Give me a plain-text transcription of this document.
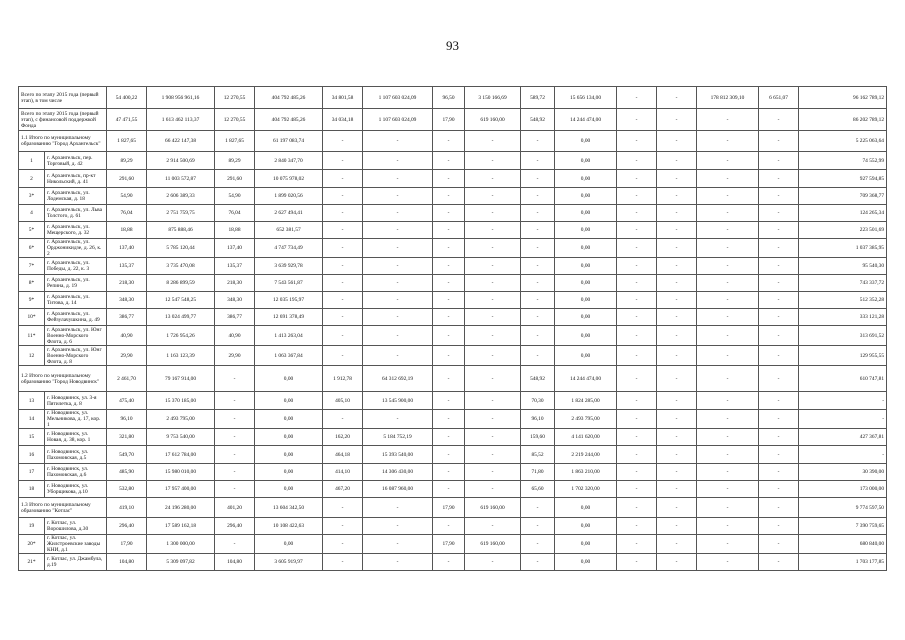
93
Всего по этапу 2015 года (первый этап), в том числе		54 400,22	1 908 956 961,16	12 270,55	404 792 485,26	34 801,58	1 107 603 024,09	96,50	3 150 166,69	589,72	15 656 134,00	-	-	178 812 309,10	6 651,07	96 162 789,12
Всего по этапу 2015 года (первый этап), с финансовой поддержкой Фонда		47 471,55	1 613 462 113,37	12 270,55	404 792 485,26	34 034,18	1 107 603 024,09	17,90	619 160,00	548,92	14 244 474,00	-	-	-	-	86 202 789,12
1.1 Итого по муниципальному образованию "Город Архангельск"		1 827,65	66 422 147,38	1 827,65	61 197 083,74	-	-	-	-	-	0,00	-	-	-	-	5 225 063,64
1	г. Архангельск, пер. Торговый, д. 42	89,29	2 914 500,69	89,29	2 840 347,70	-	-	-	-	-	0,00	-	-	-	-	74 552,99
2	г. Архангельск, пр-кт Никольский, д. 41	291,60	11 003 572,87	291,60	10 075 978,02	-	-	-	-	-	0,00	-	-	-	-	927 594,85
3*	г. Архангельск, ул. Лодемская, д. 18	54,90	2 606 389,33	54,90	1 899 020,56	-	-	-	-	-	0,00	-	-	-	-	709 368,77
4	г. Архангельск, ул. Льва Толстого, д. 61	76,04	2 751 759,75	76,04	2 627 494,41	-	-	-	-	-	0,00	-	-	-	-	124 265,34
5*	г. Архангельск, ул. Мещерского, д. 32	18,88	875 888,46	18,88	652 381,57	-	-	-	-	-	0,00	-	-	-	-	223 501,69
6*	г. Архангельск, ул. Орджоникидзе, д. 26, к. 2	137,40	5 785 120,44	137,40	4 747 734,49	-	-	-	-	-	0,00	-	-	-	-	1 037 385,95
7*	г. Архангельск, ул. Победы, д. 22, к. 3	135,37	3 735 470,08	135,37	3 639 929,78	-	-	-	-	-	0,00	-	-	-	-	95 540,30
8*	г. Архангельск, ул. Репина, д. 19	218,30	8 286 899,59	218,30	7 543 561,87	-	-	-	-	-	0,00	-	-	-	-	743 337,72
9*	г. Архангельск, ул. Титова, д. 14	348,30	12 547 548,25	348,30	12 035 195,97	-	-	-	-	-	0,00	-	-	-	-	512 352,28
10*	г. Архангельск, ул. Фейзулачушкина, д. 49	386,77	13 024 499,77	386,77	12 691 378,49	-	-	-	-	-	0,00	-	-	-	-	333 121,28
11*	г. Архангельск, ул. Юнг Военно-Морского Флота, д. 6	40,90	1 726 954,26	40,90	1 413 263,04	-	-	-	-	-	0,00	-	-	-	-	313 691,52
12	г. Архангельск, ул. Юнг Военно-Морского Флота, д. 8	29,90	1 163 123,39	29,90	1 063 367,84	-	-	-	-	-	0,00	-	-	-	-	129 955,55
1.2 Итого по муниципальному образованию "Город Новодвинск"		2 461,70	79 167 914,00	-	0,00	1 912,78	64 312 692,19	-	-	548,92	14 244 474,00	-	-	-	-	610 747,81
13	г. Новодвинск, ул. 3-я Пятилетка, д. 8	475,40	15 370 185,00	-	0,00	405,10	13 545 900,00	-	-	70,30	1 824 285,00	-	-	-	-	-
14	г. Новодвинск, ул. Мельникова, д. 17, кор. 1	96,10	2 493 795,00	-	0,00	-	-	-	-	96,10	2 493 795,00	-	-	-	-	-
15	г. Новодвинск, ул. Новая, д. 38, кор. 1	321,80	9 753 540,00	-	0,00	162,20	5 184 752,19	-	-	159,60	4 141 620,00	-	-	-	-	427 367,81
16	г. Новодвинск, ул. Пахомовская, д.5	549,70	17 612 784,00	-	0,00	464,18	15 393 540,00	-	-	85,52	2 219 244,00	-	-	-	-	-
17	г. Новодвинск, ул. Пахомовская, д.6	485,90	15 980 010,00	-	0,00	414,10	14 306 430,00	-	-	71,80	1 863 210,00	-	-	-	-	30 390,00
18	г. Новодвинск, ул. Уборщикова, д.10	532,80	17 957 400,00	-	0,00	467,20	16 087 960,00	-	-	65,60	1 702 320,00	-	-	-	-	173 000,00
1.3 Итого по муниципальному образованию "Котлас"		419,10	24 196 280,00	401,20	13 604 342,50	-	-	17,90	619 160,00	-	0,00	-	-	-	-	9 774 597,50
19	г. Котлас, ул. Ворошилова, д.30	296,40	17 589 162,18	296,40	10 108 422,63	-	-	-	-	-	0,00	-	-	-	-	7 390 759,65
20*	г. Котлас, ул. Жилстроевские заводы КНИ, д.1	17,90	1 300 000,00	-	0,00	-	-	17,90	619 160,00	-	0,00	-	-	-	-	680 840,00
21*	г. Котлас, ул. Джамбула, д.19	104,80	5 309 097,82	104,80	3 605 919,97	-	-	-	-	-	0,00	-	-	-	-	1 703 177,85
